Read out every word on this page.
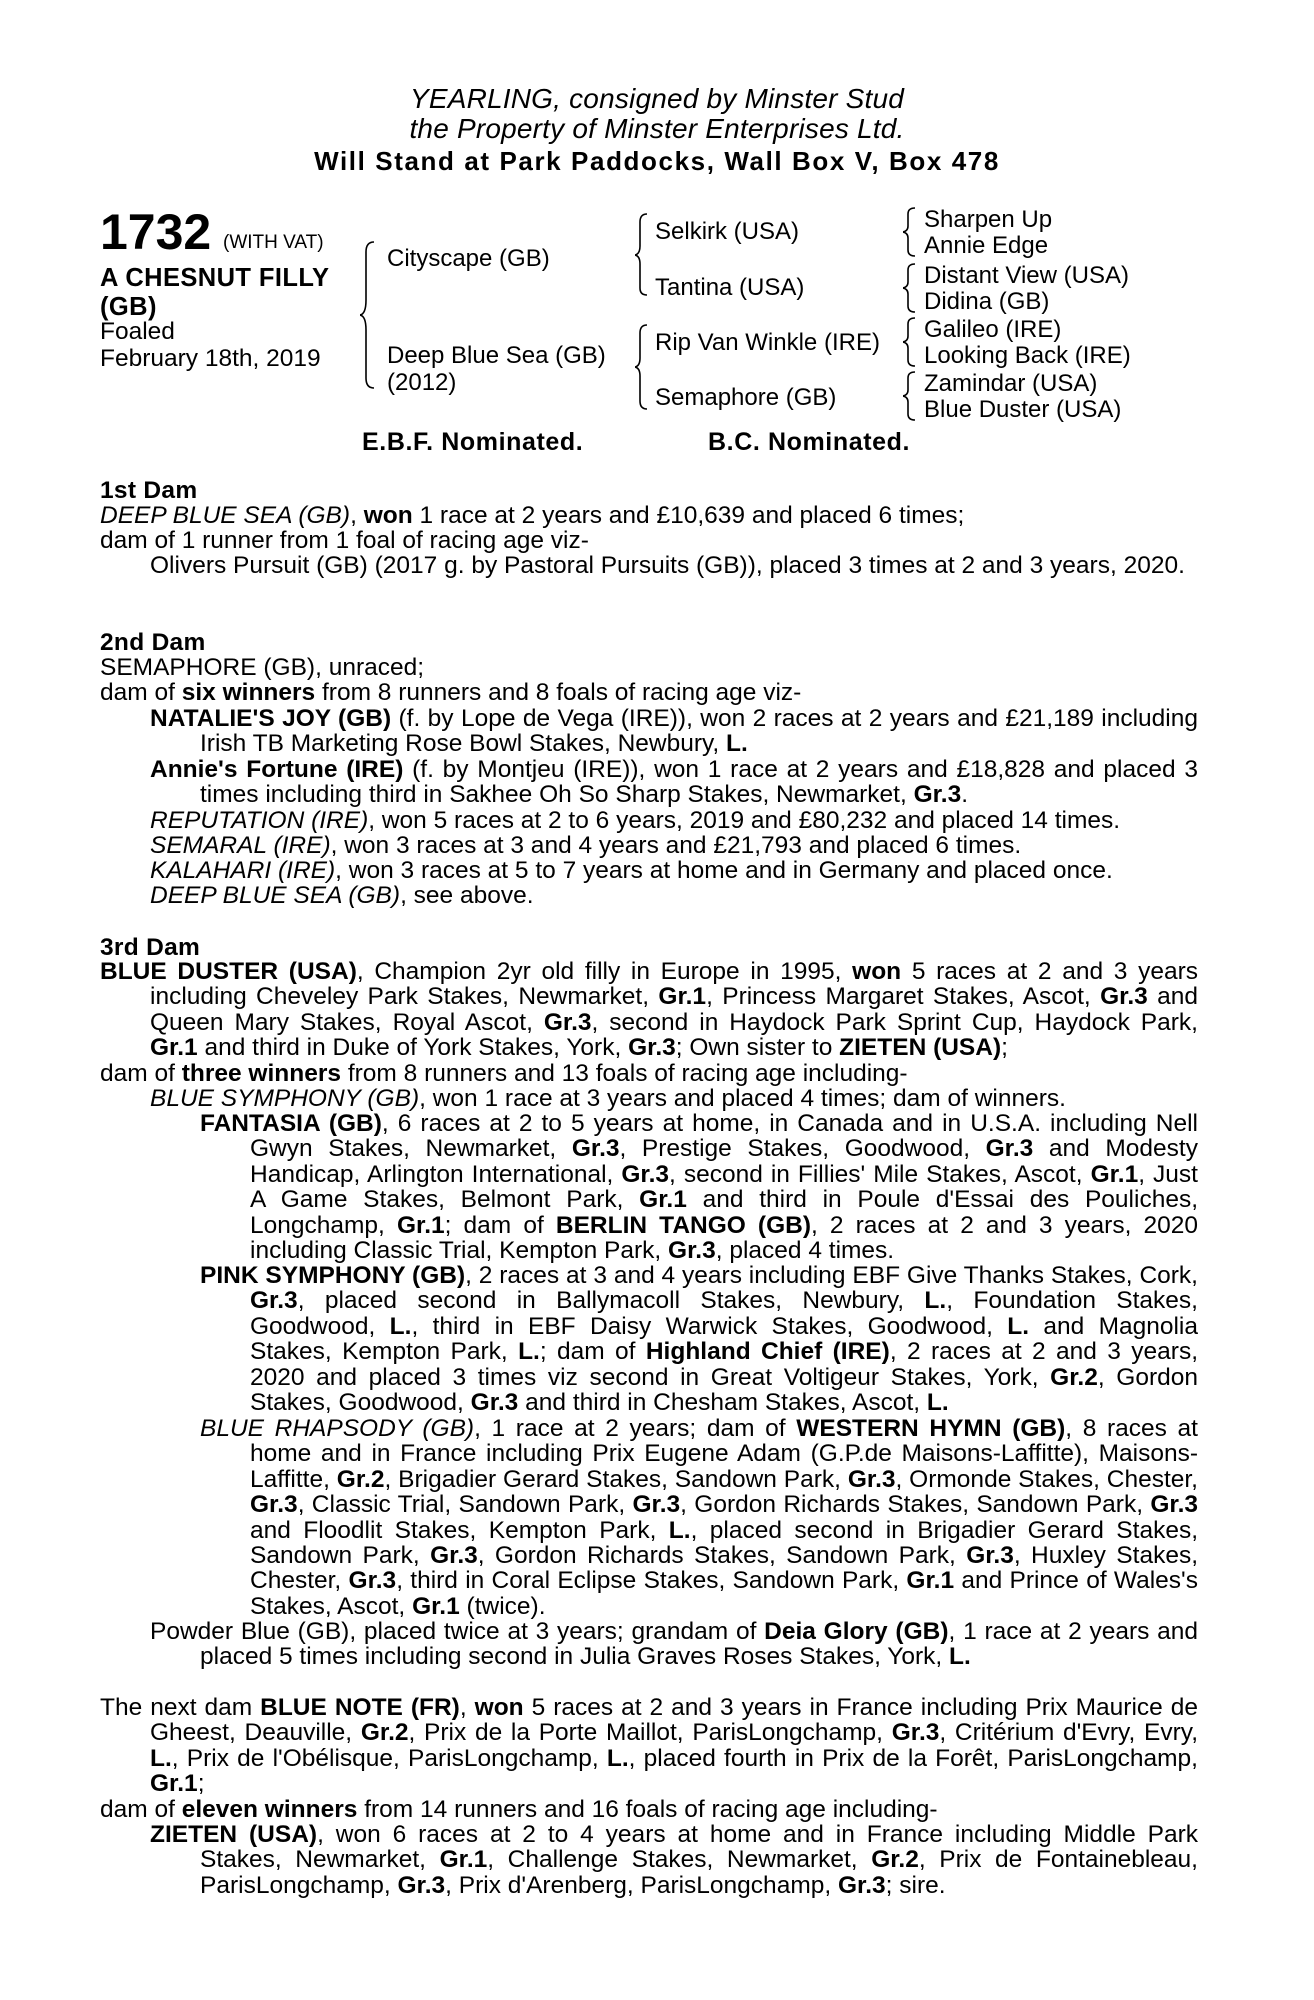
YEARLING, consigned by Minster Stud
the Property of Minster Enterprises Ltd.
Will Stand at Park Paddocks, Wall Box V, Box 478
1732 (WITH VAT)
A CHESNUT FILLY
(GB)
Foaled
February 18th, 2019
Cityscape (GB)
Deep Blue Sea (GB)
(2012)
Selkirk (USA)
Tantina (USA)
Rip Van Winkle (IRE)
Semaphore (GB)
Sharpen Up
Annie Edge
Distant View (USA)
Didina (GB)
Galileo (IRE)
Looking Back (IRE)
Zamindar (USA)
Blue Duster (USA)
E.B.F. Nominated.	B.C. Nominated.
1st Dam
DEEP BLUE SEA (GB), won 1 race at 2 years and £10,639 and placed 6 times;
dam of 1 runner from 1 foal of racing age viz-
Olivers Pursuit (GB) (2017 g. by Pastoral Pursuits (GB)), placed 3 times at 2 and 3 years, 2020.
2nd Dam
SEMAPHORE (GB), unraced;
dam of six winners from 8 runners and 8 foals of racing age viz-
NATALIE'S JOY (GB) (f. by Lope de Vega (IRE)), won 2 races at 2 years and £21,189 including Irish TB Marketing Rose Bowl Stakes, Newbury, L.
Annie's Fortune (IRE) (f. by Montjeu (IRE)), won 1 race at 2 years and £18,828 and placed 3 times including third in Sakhee Oh So Sharp Stakes, Newmarket, Gr.3.
REPUTATION (IRE), won 5 races at 2 to 6 years, 2019 and £80,232 and placed 14 times.
SEMARAL (IRE), won 3 races at 3 and 4 years and £21,793 and placed 6 times.
KALAHARI (IRE), won 3 races at 5 to 7 years at home and in Germany and placed once.
DEEP BLUE SEA (GB), see above.
3rd Dam
BLUE DUSTER (USA), Champion 2yr old filly in Europe in 1995, won 5 races at 2 and 3 years including Cheveley Park Stakes, Newmarket, Gr.1, Princess Margaret Stakes, Ascot, Gr.3 and Queen Mary Stakes, Royal Ascot, Gr.3, second in Haydock Park Sprint Cup, Haydock Park, Gr.1 and third in Duke of York Stakes, York, Gr.3; Own sister to ZIETEN (USA);
dam of three winners from 8 runners and 13 foals of racing age including-
BLUE SYMPHONY (GB), won 1 race at 3 years and placed 4 times; dam of winners.
FANTASIA (GB), 6 races at 2 to 5 years at home, in Canada and in U.S.A. including Nell Gwyn Stakes, Newmarket, Gr.3, Prestige Stakes, Goodwood, Gr.3 and Modesty Handicap, Arlington International, Gr.3, second in Fillies' Mile Stakes, Ascot, Gr.1, Just A Game Stakes, Belmont Park, Gr.1 and third in Poule d'Essai des Pouliches, Longchamp, Gr.1; dam of BERLIN TANGO (GB), 2 races at 2 and 3 years, 2020 including Classic Trial, Kempton Park, Gr.3, placed 4 times.
PINK SYMPHONY (GB), 2 races at 3 and 4 years including EBF Give Thanks Stakes, Cork, Gr.3, placed second in Ballymacoll Stakes, Newbury, L., Foundation Stakes, Goodwood, L., third in EBF Daisy Warwick Stakes, Goodwood, L. and Magnolia Stakes, Kempton Park, L.; dam of Highland Chief (IRE), 2 races at 2 and 3 years, 2020 and placed 3 times viz second in Great Voltigeur Stakes, York, Gr.2, Gordon Stakes, Goodwood, Gr.3 and third in Chesham Stakes, Ascot, L.
BLUE RHAPSODY (GB), 1 race at 2 years; dam of WESTERN HYMN (GB), 8 races at home and in France including Prix Eugene Adam (G.P.de Maisons-Laffitte), Maisons-Laffitte, Gr.2, Brigadier Gerard Stakes, Sandown Park, Gr.3, Ormonde Stakes, Chester, Gr.3, Classic Trial, Sandown Park, Gr.3, Gordon Richards Stakes, Sandown Park, Gr.3 and Floodlit Stakes, Kempton Park, L., placed second in Brigadier Gerard Stakes, Sandown Park, Gr.3, Gordon Richards Stakes, Sandown Park, Gr.3, Huxley Stakes, Chester, Gr.3, third in Coral Eclipse Stakes, Sandown Park, Gr.1 and Prince of Wales's Stakes, Ascot, Gr.1 (twice).
Powder Blue (GB), placed twice at 3 years; grandam of Deia Glory (GB), 1 race at 2 years and placed 5 times including second in Julia Graves Roses Stakes, York, L.
The next dam BLUE NOTE (FR), won 5 races at 2 and 3 years in France including Prix Maurice de Gheest, Deauville, Gr.2, Prix de la Porte Maillot, ParisLongchamp, Gr.3, Critérium d'Evry, Evry, L., Prix de l'Obélisque, ParisLongchamp, L., placed fourth in Prix de la Forêt, ParisLongchamp, Gr.1;
dam of eleven winners from 14 runners and 16 foals of racing age including-
ZIETEN (USA), won 6 races at 2 to 4 years at home and in France including Middle Park Stakes, Newmarket, Gr.1, Challenge Stakes, Newmarket, Gr.2, Prix de Fontainebleau, ParisLongchamp, Gr.3, Prix d'Arenberg, ParisLongchamp, Gr.3; sire.
